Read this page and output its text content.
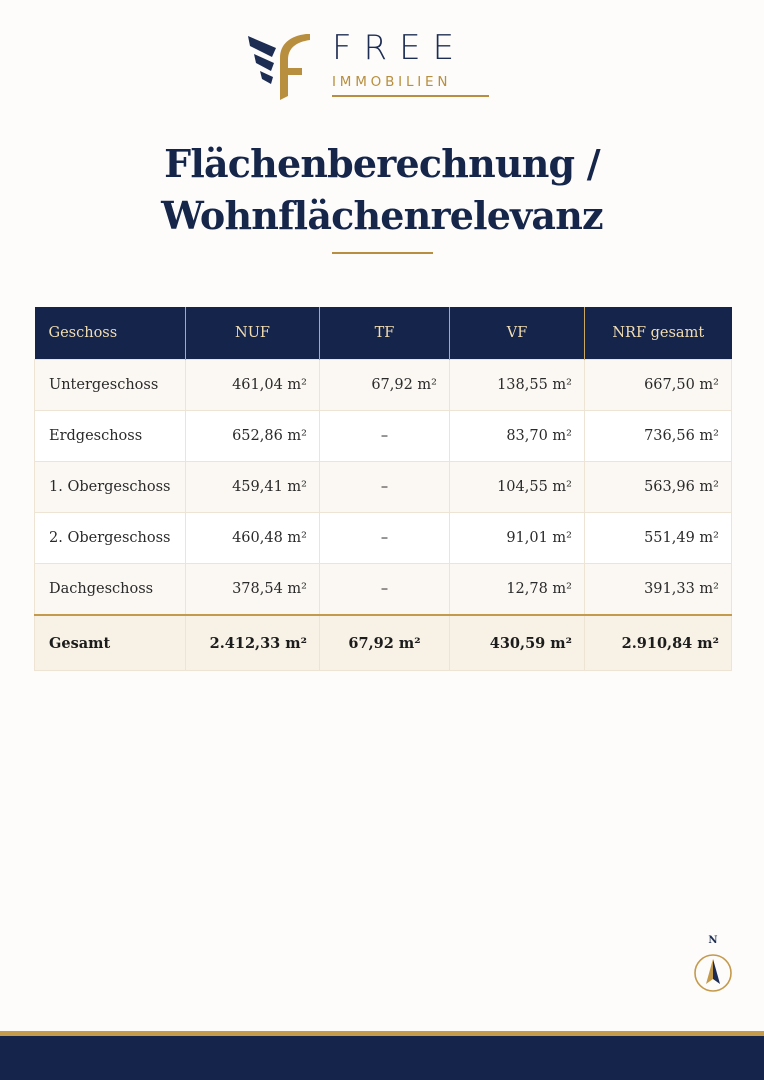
FREE
IMMOBILIEN
Flächenberechnung /
Wohnflächenrelevanz
Geschoss	NUF	TF	VF	NRF gesamt
Untergeschoss	461,04 m²	67,92 m²	138,55 m²	667,50 m²
Erdgeschoss	652,86 m²	–	83,70 m²	736,56 m²
1. Obergeschoss	459,41 m²	–	104,55 m²	563,96 m²
2. Obergeschoss	460,48 m²	–	91,01 m²	551,49 m²
Dachgeschoss	378,54 m²	–	12,78 m²	391,33 m²
Gesamt	2.412,33 m²	67,92 m²	430,59 m²	2.910,84 m²
N
